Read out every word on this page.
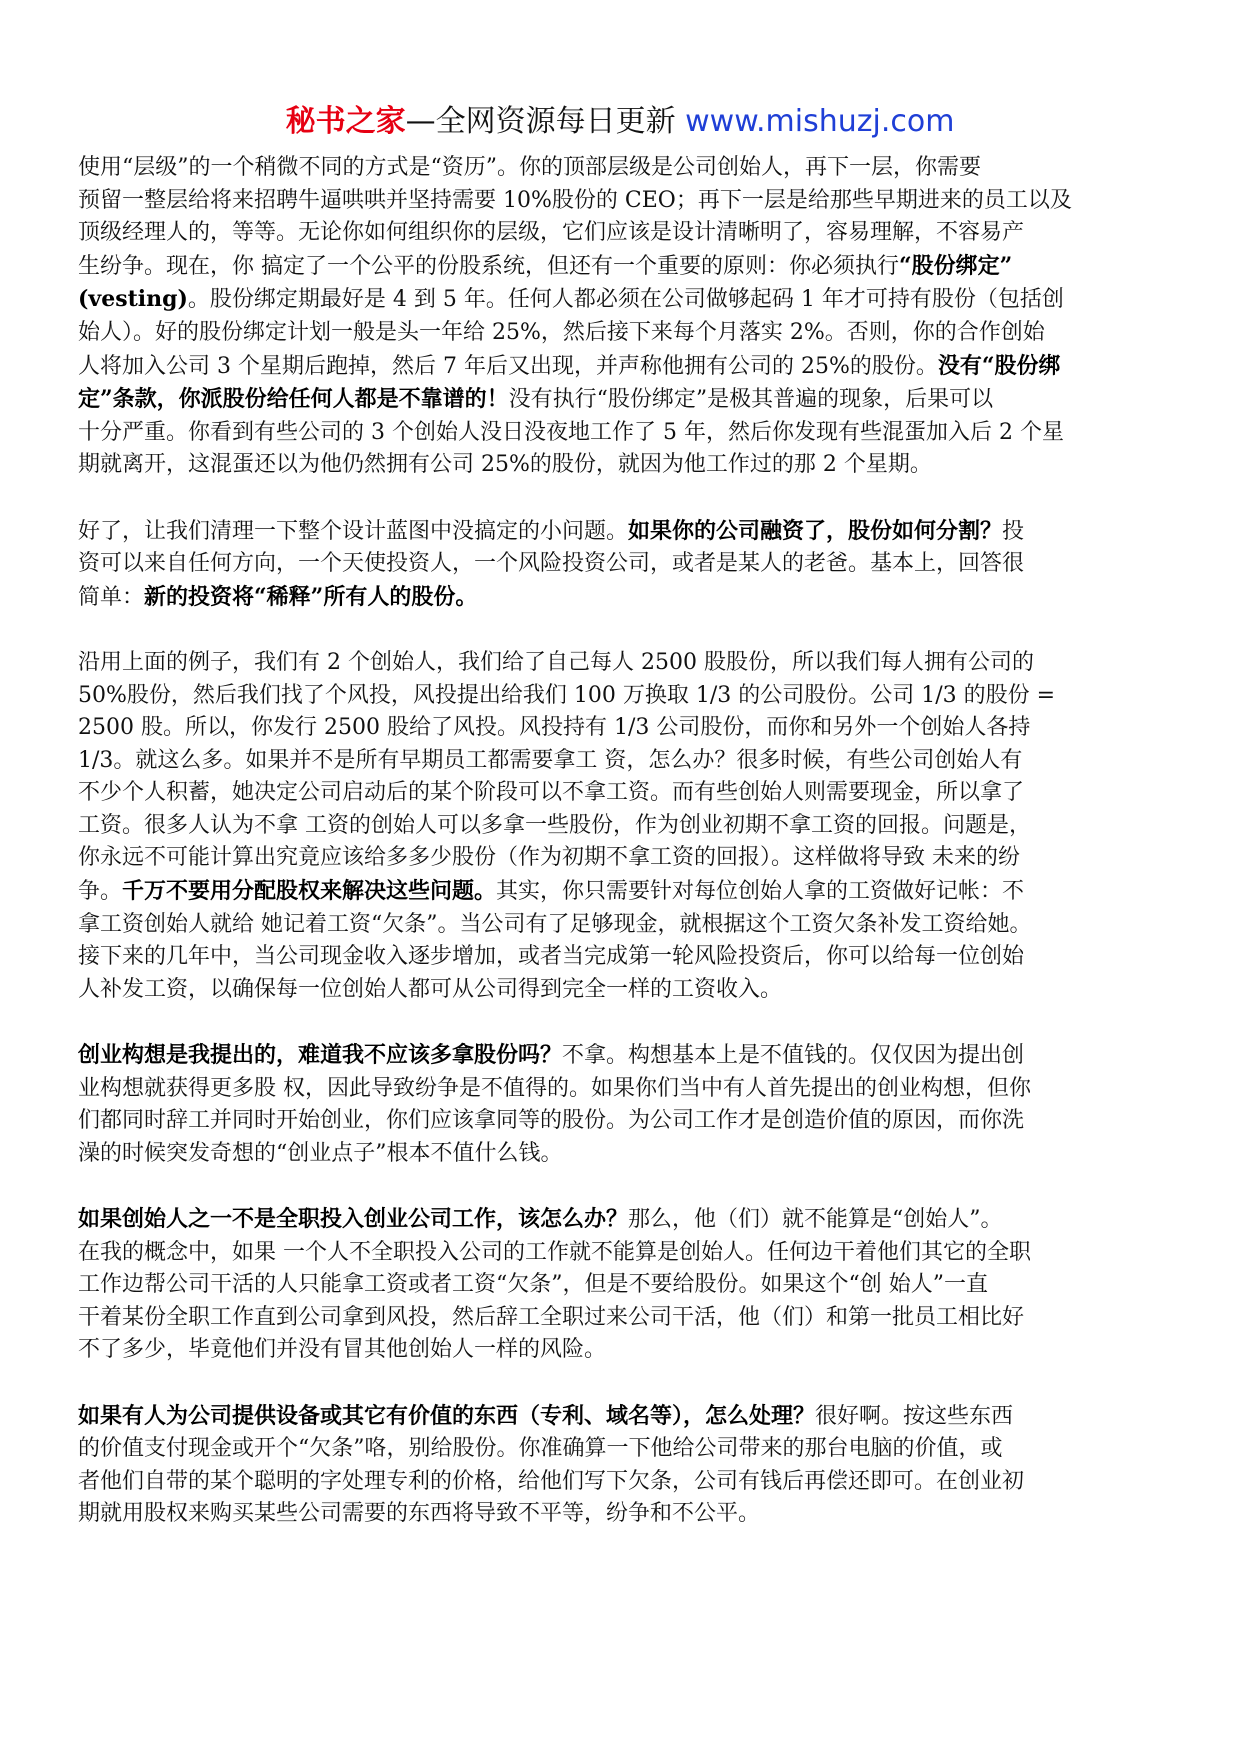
秘书之家—全网资源每日更新 www.mishuzj.com
使用“层级”的一个稍微不同的方式是“资历”。你的顶部层级是公司创始人，再下一层，你需要
预留一整层给将来招聘牛逼哄哄并坚持需要 10%股份的 CEO；再下一层是给那些早期进来的员工以及
顶级经理人的，等等。无论你如何组织你的层级，它们应该是设计清晰明了，容易理解，不容易产
生纷争。现在，你 搞定了一个公平的份股系统，但还有一个重要的原则：你必须执行“股份绑定”
(vesting)。股份绑定期最好是 4 到 5 年。任何人都必须在公司做够起码 1 年才可持有股份（包括创
始人）。好的股份绑定计划一般是头一年给 25%，然后接下来每个月落实 2%。否则，你的合作创始
人将加入公司 3 个星期后跑掉，然后 7 年后又出现，并声称他拥有公司的 25%的股份。没有“股份绑
定”条款，你派股份给任何人都是不靠谱的！没有执行“股份绑定”是极其普遍的现象，后果可以
十分严重。你看到有些公司的 3 个创始人没日没夜地工作了 5 年，然后你发现有些混蛋加入后 2 个星
期就离开，这混蛋还以为他仍然拥有公司 25%的股份，就因为他工作过的那 2 个星期。
好了，让我们清理一下整个设计蓝图中没搞定的小问题。如果你的公司融资了，股份如何分割？投
资可以来自任何方向，一个天使投资人，一个风险投资公司，或者是某人的老爸。基本上，回答很
简单：新的投资将“稀释”所有人的股份。
沿用上面的例子，我们有 2 个创始人，我们给了自己每人 2500 股股份，所以我们每人拥有公司的
50%股份，然后我们找了个风投，风投提出给我们 100 万换取 1/3 的公司股份。公司 1/3 的股份 =
2500 股。所以，你发行 2500 股给了风投。风投持有 1/3 公司股份，而你和另外一个创始人各持
1/3。就这么多。如果并不是所有早期员工都需要拿工 资，怎么办？很多时候，有些公司创始人有
不少个人积蓄，她决定公司启动后的某个阶段可以不拿工资。而有些创始人则需要现金，所以拿了
工资。很多人认为不拿 工资的创始人可以多拿一些股份，作为创业初期不拿工资的回报。问题是，
你永远不可能计算出究竟应该给多多少股份（作为初期不拿工资的回报）。这样做将导致 未来的纷
争。千万不要用分配股权来解决这些问题。其实，你只需要针对每位创始人拿的工资做好记帐：不
拿工资创始人就给 她记着工资“欠条”。当公司有了足够现金，就根据这个工资欠条补发工资给她。
接下来的几年中，当公司现金收入逐步增加，或者当完成第一轮风险投资后，你可以给每一位创始
人补发工资，以确保每一位创始人都可从公司得到完全一样的工资收入。
创业构想是我提出的，难道我不应该多拿股份吗？不拿。构想基本上是不值钱的。仅仅因为提出创
业构想就获得更多股 权，因此导致纷争是不值得的。如果你们当中有人首先提出的创业构想，但你
们都同时辞工并同时开始创业，你们应该拿同等的股份。为公司工作才是创造价值的原因，而你洗
澡的时候突发奇想的“创业点子”根本不值什么钱。
如果创始人之一不是全职投入创业公司工作，该怎么办？那么，他（们）就不能算是“创始人”。
在我的概念中，如果 一个人不全职投入公司的工作就不能算是创始人。任何边干着他们其它的全职
工作边帮公司干活的人只能拿工资或者工资“欠条”，但是不要给股份。如果这个“创 始人”一直
干着某份全职工作直到公司拿到风投，然后辞工全职过来公司干活，他（们）和第一批员工相比好
不了多少，毕竟他们并没有冒其他创始人一样的风险。
如果有人为公司提供设备或其它有价值的东西（专利、域名等），怎么处理？很好啊。按这些东西
的价值支付现金或开个“欠条”咯，别给股份。你准确算一下他给公司带来的那台电脑的价值，或
者他们自带的某个聪明的字处理专利的价格，给他们写下欠条，公司有钱后再偿还即可。在创业初
期就用股权来购买某些公司需要的东西将导致不平等，纷争和不公平。
